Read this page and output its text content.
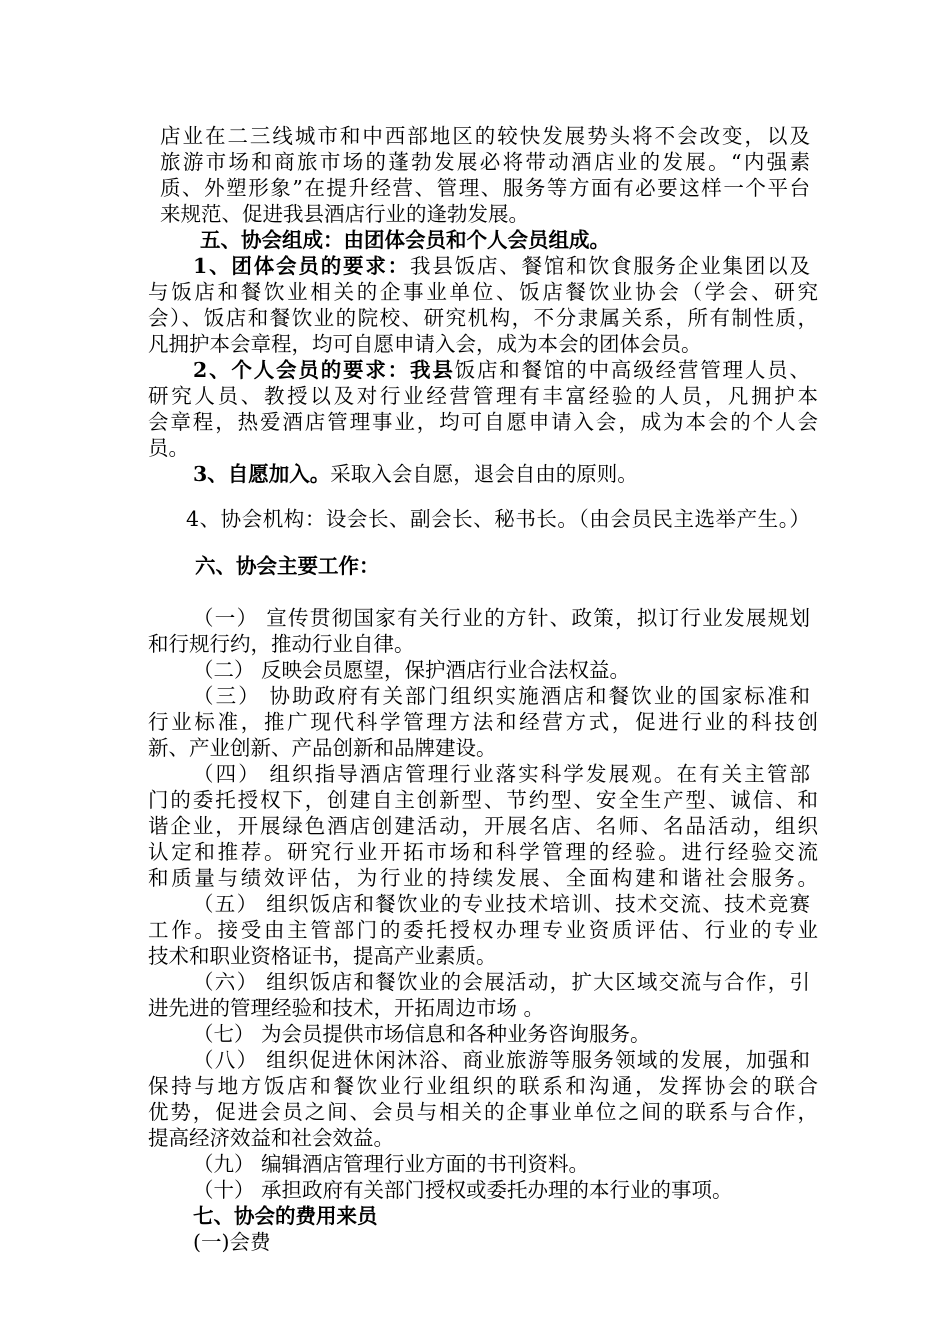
店业在二三线城市和中西部地区的较快发展势头将不会改变，以及
旅游市场和商旅市场的蓬勃发展必将带动酒店业的发展。“内强素
质、外塑形象”在提升经营、管理、服务等方面有必要这样一个平台
来规范、促进我县酒店行业的逢勃发展。
五、协会组成：由团体会员和个人会员组成。
1、团体会员的要求：我县饭店、餐馆和饮食服务企业集团以及
与饭店和餐饮业相关的企事业单位、饭店餐饮业协会（学会、研究
会）、饭店和餐饮业的院校、研究机构，不分隶属关系，所有制性质，
凡拥护本会章程，均可自愿申请入会，成为本会的团体会员。
2、个人会员的要求：我县饭店和餐馆的中高级经营管理人员、
研究人员、教授以及对行业经营管理有丰富经验的人员，凡拥护本
会章程，热爱酒店管理事业，均可自愿申请入会，成为本会的个人会
员。
3、自愿加入。采取入会自愿，退会自由的原则。
4、协会机构：设会长、副会长、秘书长。（由会员民主选举产生。）
六、协会主要工作：
（一） 宣传贯彻国家有关行业的方针、政策，拟订行业发展规划
和行规行约，推动行业自律。
（二） 反映会员愿望，保护酒店行业合法权益。
（三） 协助政府有关部门组织实施酒店和餐饮业的国家标准和
行业标准，推广现代科学管理方法和经营方式，促进行业的科技创
新、产业创新、产品创新和品牌建设。
（四） 组织指导酒店管理行业落实科学发展观。在有关主管部
门的委托授权下，创建自主创新型、节约型、安全生产型、诚信、和
谐企业，开展绿色酒店创建活动，开展名店、名师、名品活动，组织
认定和推荐。研究行业开拓市场和科学管理的经验。进行经验交流
和质量与绩效评估，为行业的持续发展、全面构建和谐社会服务。
（五） 组织饭店和餐饮业的专业技术培训、技术交流、技术竞赛
工作。接受由主管部门的委托授权办理专业资质评估、行业的专业
技术和职业资格证书，提高产业素质。
（六） 组织饭店和餐饮业的会展活动，扩大区域交流与合作，引
进先进的管理经验和技术，开拓周边市场 。
（七） 为会员提供市场信息和各种业务咨询服务。
（八） 组织促进休闲沐浴、商业旅游等服务领域的发展，加强和
保持与地方饭店和餐饮业行业组织的联系和沟通，发挥协会的联合
优势，促进会员之间、会员与相关的企事业单位之间的联系与合作，
提高经济效益和社会效益。
（九） 编辑酒店管理行业方面的书刊资料。
（十） 承担政府有关部门授权或委托办理的本行业的事项。
七、协会的费用来员
(一)会费
